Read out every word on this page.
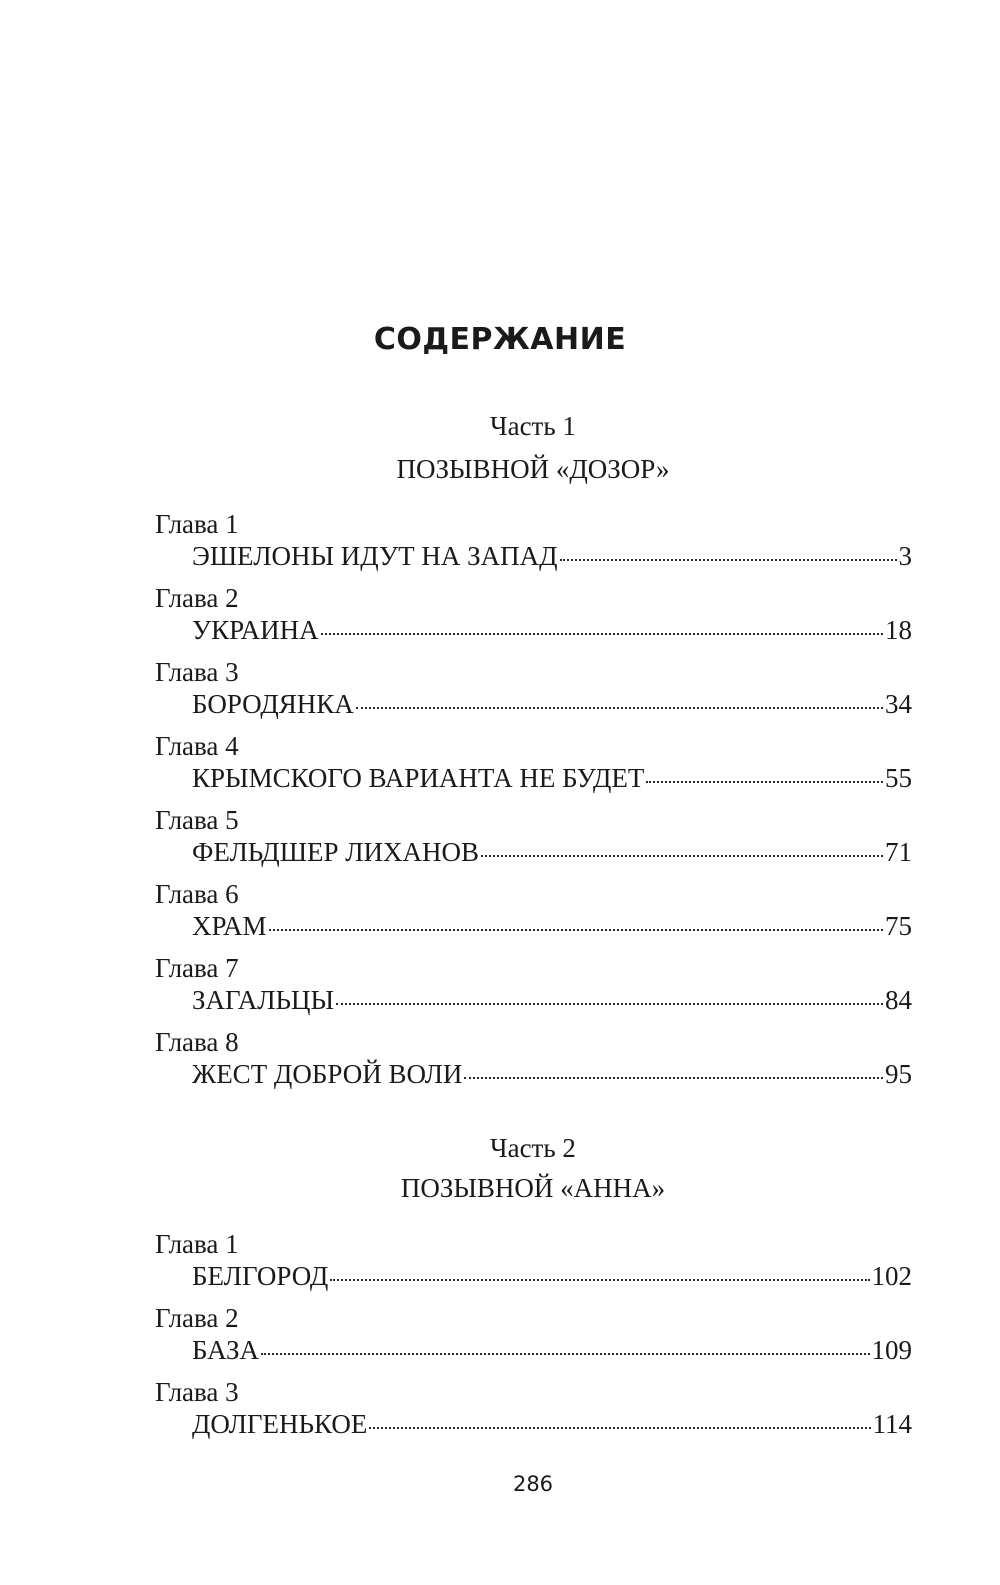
СОДЕРЖАНИЕ
Часть 1
ПОЗЫВНОЙ «ДОЗОР»
Глава 1
ЭШЕЛОНЫ ИДУТ НА ЗАПАД	3
Глава 2
УКРАИНА	18
Глава 3
БОРОДЯНКА	34
Глава 4
КРЫМСКОГО ВАРИАНТА НЕ БУДЕТ	55
Глава 5
ФЕЛЬДШЕР ЛИХАНОВ	71
Глава 6
ХРАМ	75
Глава 7
ЗАГАЛЬЦЫ	84
Глава 8
ЖЕСТ ДОБРОЙ ВОЛИ	95
Часть 2
ПОЗЫВНОЙ «АННА»
Глава 1
БЕЛГОРОД	102
Глава 2
БАЗА	109
Глава 3
ДОЛГЕНЬКОЕ	114
286
